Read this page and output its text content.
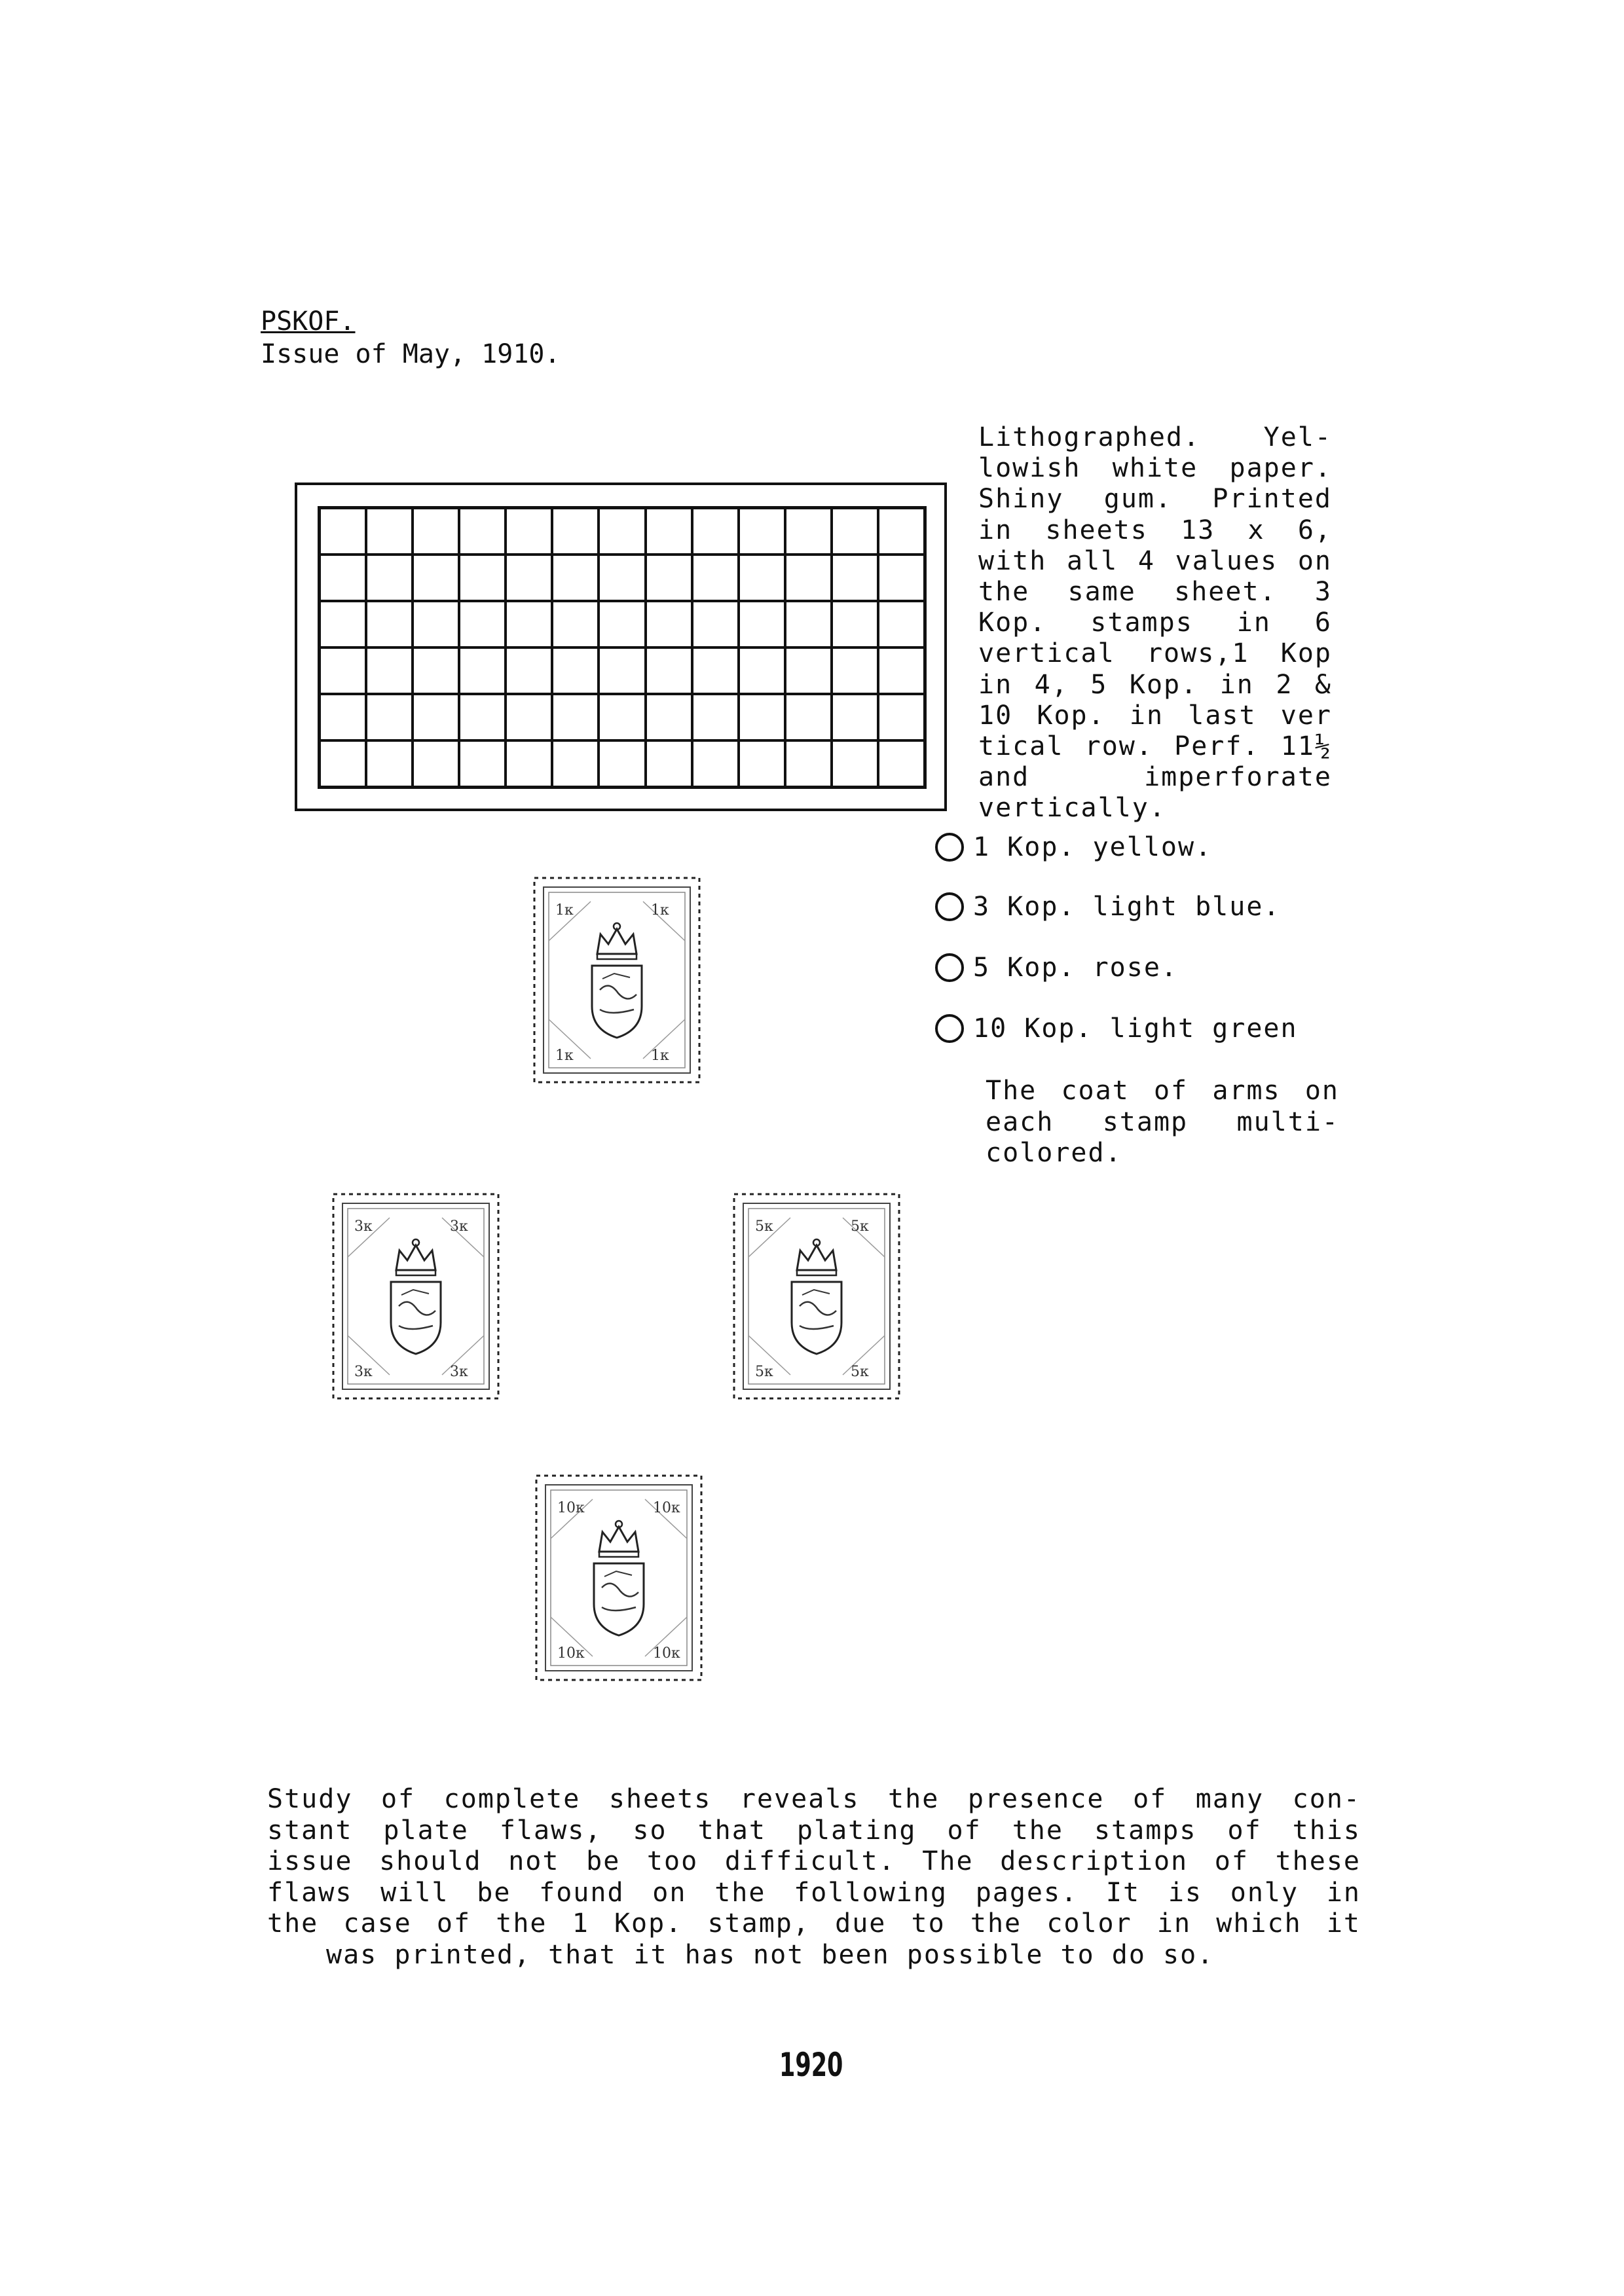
PSKOF.
Issue of May, 1910.
Lithographed. Yel-lowish white paper. Shiny gum. Printed in sheets 13 x 6, with all 4 values on the same sheet. 3 Kop. stamps in 6 vertical rows,1 Kop in 4, 5 Kop. in 2 & 10 Kop. in last ver tical row. Perf. 11½ and imperforate vertically.
1 Kop. yellow.
3 Kop. light blue.
5 Kop. rose.
10 Kop. light green
The coat of arms on each stamp multi-colored.
1к	1к
1к	1к
3к	3к
3к	3к
5к	5к
5к	5к
10к	10к
10к	10к
Study of complete sheets reveals the presence of many con-
stant plate flaws, so that plating of the stamps of this
issue should not be too difficult. The description of these
flaws will be found on the following pages. It is only in
the case of the 1 Kop. stamp, due to the color in which it
was printed, that it has not been possible to do so.
1920
